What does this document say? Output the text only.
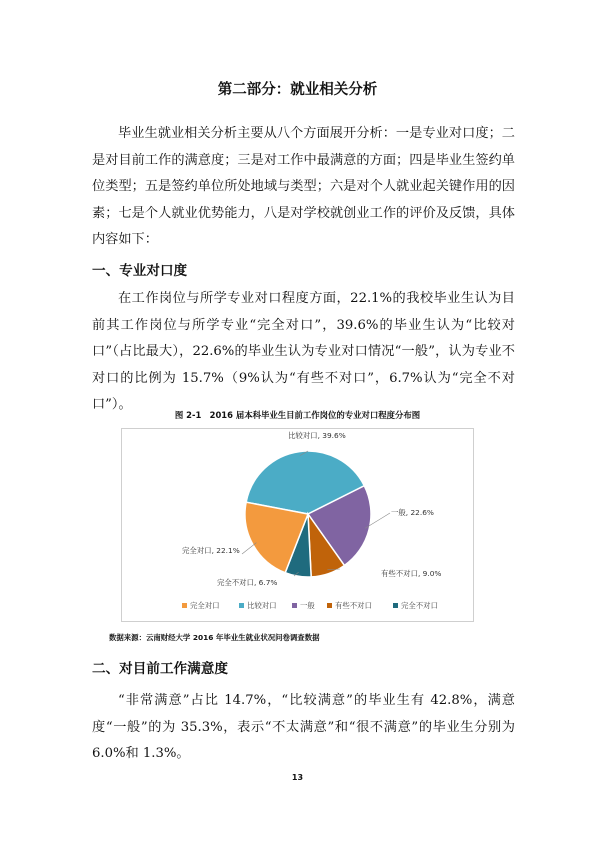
第二部分：就业相关分析

毕业生就业相关分析主要从八个方面展开分析：一是专业对口度；二是对目前工作的满意度；三是对工作中最满意的方面；四是毕业生签约单位类型；五是签约单位所处地域与类型；六是对个人就业起关键作用的因素；七是个人就业优势能力，八是对学校就创业工作的评价及反馈，具体内容如下：

一、专业对口度

在工作岗位与所学专业对口程度方面，22.1%的我校毕业生认为目前其工作岗位与所学专业“完全对口”，39.6%的毕业生认为“比较对口”（占比最大），22.6%的毕业生认为专业对口情况“一般”，认为专业不对口的比例为 15.7%（9%认为“有些不对口”，6.7%认为“完全不对口”）。

图 2-1　2016 届本科毕业生目前工作岗位的专业对口程度分布图
完全对口, 22.1%
比较对口, 39.6%
一般, 22.6%
有些不对口, 9.0%
完全不对口, 6.7%
完全对口	比较对口	一般	有些不对口	完全不对口
数据来源：云南财经大学 2016 年毕业生就业状况问卷调查数据
二、对目前工作满意度

“非常满意”占比 14.7%，“比较满意”的毕业生有 42.8%，满意度“一般”的为 35.3%，表示“不太满意”和“很不满意”的毕业生分别为 6.0%和 1.3%。

13
